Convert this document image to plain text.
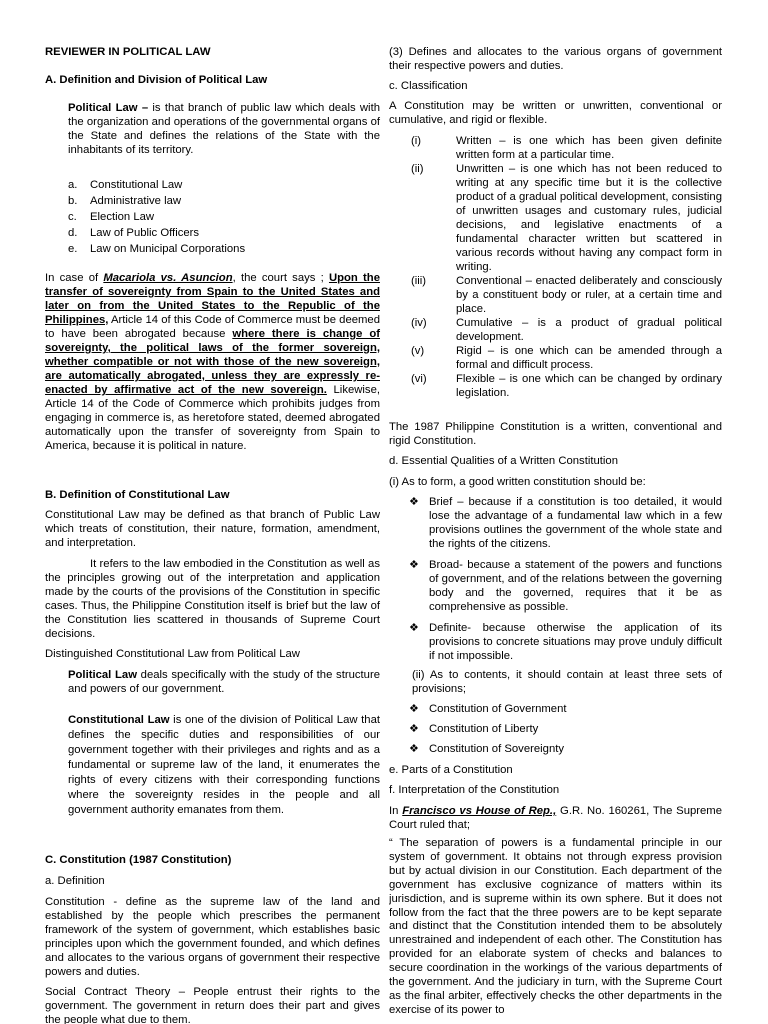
REVIEWER IN POLITICAL LAW
A. Definition and Division of Political Law

Political Law – is that branch of public law which deals with the organization and operations of the governmental organs of the State and defines the relations of the State with the inhabitants of its territory.

a.	Constitutional Law
b.	Administrative law
c.	Election Law
d.	Law of Public Officers
e.	Law on Municipal Corporations

In case of Macariola vs. Asuncion, the court says ; Upon the transfer of sovereignty from Spain to the United States and later on from the United States to the Republic of the Philippines, Article 14 of this Code of Commerce must be deemed to have been abrogated because where there is change of sovereignty, the political laws of the former sovereign, whether compatible or not with those of the new sovereign, are automatically abrogated, unless they are expressly re-enacted by affirmative act of the new sovereign. Likewise, Article 14 of the Code of Commerce which prohibits judges from engaging in commerce is, as heretofore stated, deemed abrogated automatically upon the transfer of sovereignty from Spain to America, because it is political in nature.

B. Definition of Constitutional Law

Constitutional Law may be defined as that branch of Public Law which treats of constitution, their nature, formation, amendment, and interpretation.

It refers to the law embodied in the Constitution as well as the principles growing out of the interpretation and application made by the courts of the provisions of the Constitution in specific cases. Thus, the Philippine Constitution itself is brief but the law of the Constitution lies scattered in thousands of Supreme Court decisions.

Distinguished Constitutional Law from Political Law

Political Law deals specifically with the study of the structure and powers of our government.

Constitutional Law is one of the division of Political Law that defines the specific duties and responsibilities of our government together with their privileges and rights and as a fundamental or supreme law of the land, it enumerates the rights of every citizens with their corresponding functions where the sovereignty resides in the people and all government authority emanates from them.

C. Constitution (1987 Constitution)
a. Definition

Constitution - define as the supreme law of the land and established by the people which prescribes the permanent framework of the system of government, which establishes basic principles upon which the government founded, and which defines and allocates to the various organs of government their respective powers and duties.

Social Contract Theory – People entrust their rights to the government. The government in return does their part and gives the people what due to them.

(3) Defines and allocates to the various organs of government their respective powers and duties.

c. Classification

A Constitution may be written or unwritten, conventional or cumulative, and rigid or flexible.

(i)	Written – is one which has been given definite written form at a particular time.
(ii)	Unwritten – is one which has not been reduced to writing at any specific time but it is the collective product of a gradual political development, consisting of unwritten usages and customary rules, judicial decisions, and legislative enactments of a fundamental character written but scattered in various records without having any compact form in writing.
(iii)	Conventional – enacted deliberately and consciously by a constituent body or ruler, at a certain time and place.
(iv)	Cumulative – is a product of gradual political development.
(v)	Rigid – is one which can be amended through a formal and difficult process.
(vi)	Flexible – is one which can be changed by ordinary legislation.

The 1987 Philippine Constitution is a written, conventional and rigid Constitution.

d. Essential Qualities of a Written Constitution
(i) As to form, a good written constitution should be:
❖ Brief – because if a constitution is too detailed, it would lose the advantage of a fundamental law which in a few provisions outlines the government of the whole state and the rights of the citizens.
❖ Broad- because a statement of the powers and functions of government, and of the relations between the governing body and the governed, requires that it be as comprehensive as possible.
❖ Definite- because otherwise the application of its provisions to concrete situations may prove unduly difficult if not impossible.

(ii) As to contents, it should contain at least three sets of provisions;

❖ Constitution of Government
❖ Constitution of Liberty
❖ Constitution of Sovereignty
e. Parts of a Constitution
f. Interpretation of the Constitution

In Francisco vs House of Rep., G.R. No. 160261, The Supreme Court ruled that;

“ The separation of powers is a fundamental principle in our system of government. It obtains not through express provision but by actual division in our Constitution. Each department of the government has exclusive cognizance of matters within its jurisdiction, and is supreme within its own sphere. But it does not follow from the fact that the three powers are to be kept separate and distinct that the Constitution intended them to be absolutely unrestrained and independent of each other. The Constitution has provided for an elaborate system of checks and balances to secure coordination in the workings of the various departments of the government. And the judiciary in turn, with the Supreme Court as the final arbiter, effectively checks the other departments in the exercise of its power to
